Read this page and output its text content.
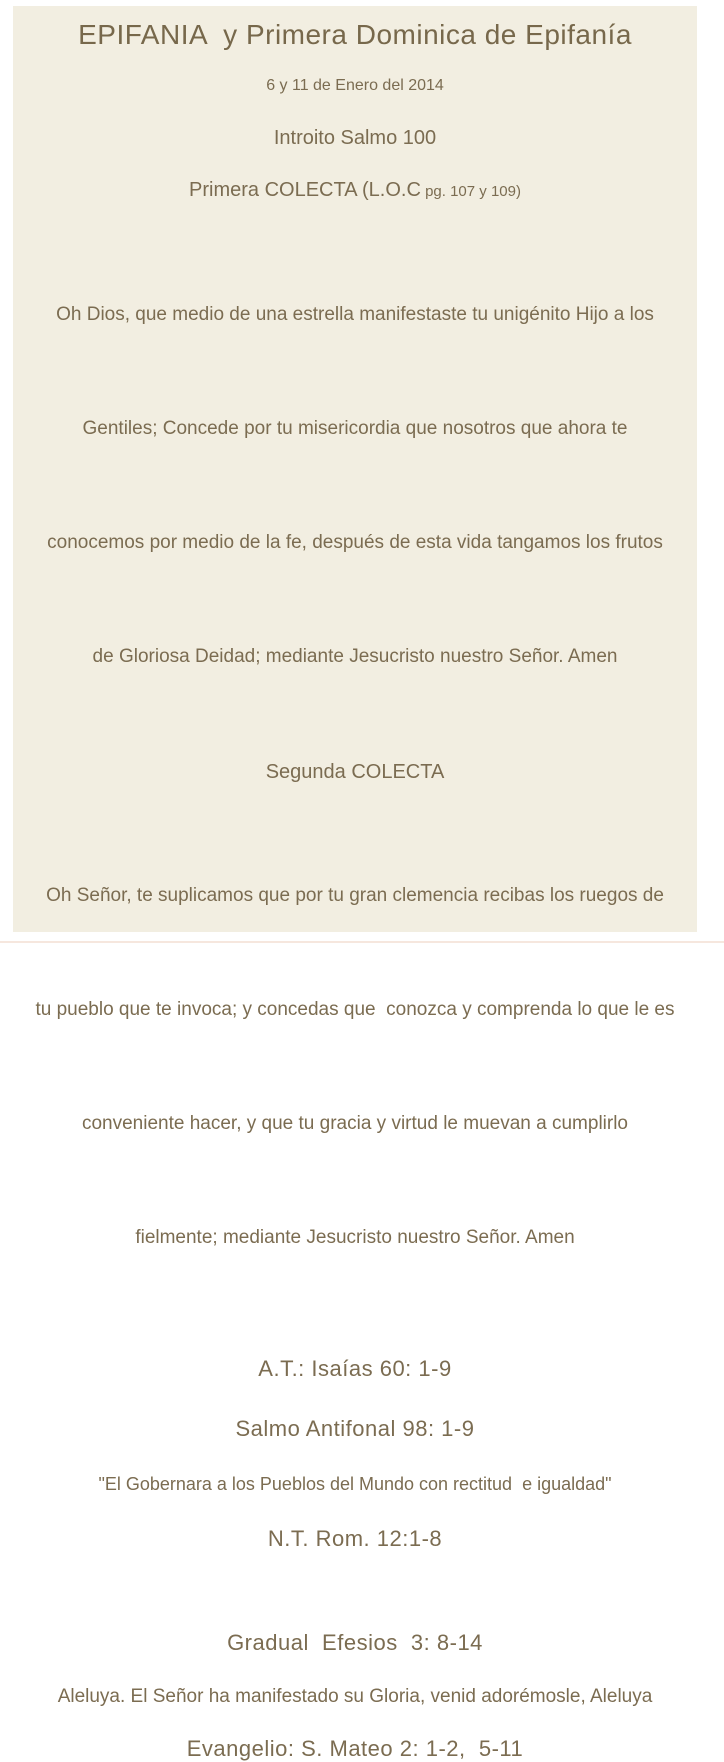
EPIFANIA  y Primera Dominica de Epifanía
6 y 11 de Enero del 2014
Introito Salmo 100
Primera COLECTA (L.O.C pg. 107 y 109)

Oh Dios, que medio de una estrella manifestaste tu unigénito Hijo a los

Gentiles; Concede por tu misericordia que nosotros que ahora te

conocemos por medio de la fe, después de esta vida tangamos los frutos

de Gloriosa Deidad; mediante Jesucristo nuestro Señor. Amen

Segunda COLECTA

Oh Señor, te suplicamos que por tu gran clemencia recibas los ruegos de

tu pueblo que te invoca; y concedas que  conozca y comprenda lo que le es

conveniente hacer, y que tu gracia y virtud le muevan a cumplirlo

fielmente; mediante Jesucristo nuestro Señor. Amen

A.T.: Isaías 60: 1-9
Salmo Antifonal 98: 1-9
"El Gobernara a los Pueblos del Mundo con rectitud  e igualdad"
N.T. Rom. 12:1-8
Gradual  Efesios  3: 8-14
Aleluya. El Señor ha manifestado su Gloria, venid adorémosle, Aleluya
Evangelio: S. Mateo 2: 1-2,  5-11
